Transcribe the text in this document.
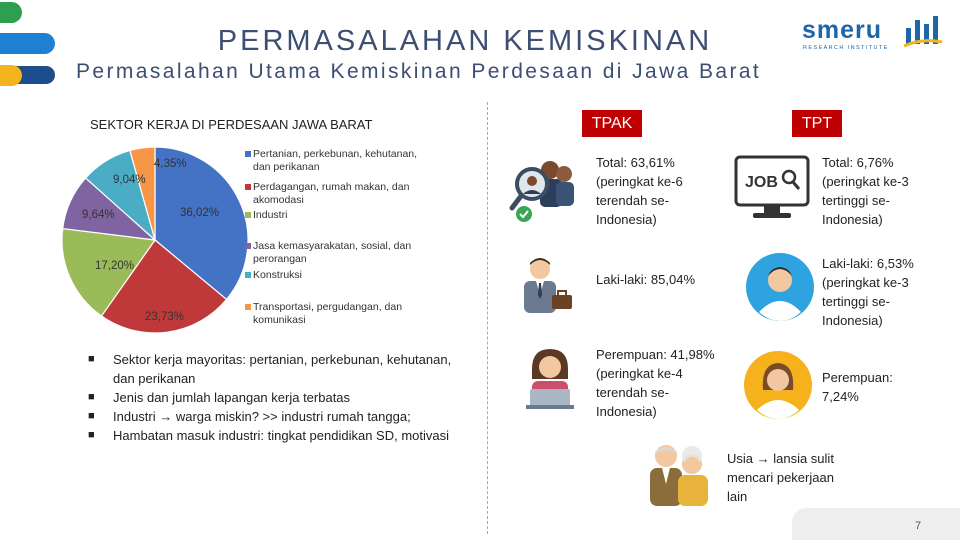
PERMASALAHAN KEMISKINAN
Permasalahan Utama Kemiskinan Perdesaan di Jawa Barat
smeru
RESEARCH INSTITUTE
SEKTOR KERJA DI PERDESAAN JAWA BARAT
36,02%
23,73%
17,20%
9,64%
9,04%
4,35%
Pertanian, perkebunan, kehutanan, dan perikanan
Perdagangan, rumah makan, dan akomodasi
Industri
Jasa kemasyarakatan, sosial, dan perorangan
Konstruksi
Transportasi, pergudangan, dan komunikasi
■ Sektor kerja mayoritas: pertanian, perkebunan, kehutanan, dan perikanan
■ Jenis dan jumlah lapangan kerja terbatas
■ Industri → warga miskin? >> industri rumah tangga;
■ Hambatan masuk industri: tingkat pendidikan SD, motivasi
TPAK	TPT
Total: 63,61% (peringkat ke-6 terendah se-Indonesia)
Laki-laki: 85,04%
Perempuan: 41,98% (peringkat ke-4 terendah se-Indonesia)
JOB
Total: 6,76% (peringkat ke-3 tertinggi se-Indonesia)
Laki-laki: 6,53% (peringkat ke-3 tertinggi se-Indonesia)
Perempuan: 7,24%
Usia → lansia sulit mencari pekerjaan lain
7
